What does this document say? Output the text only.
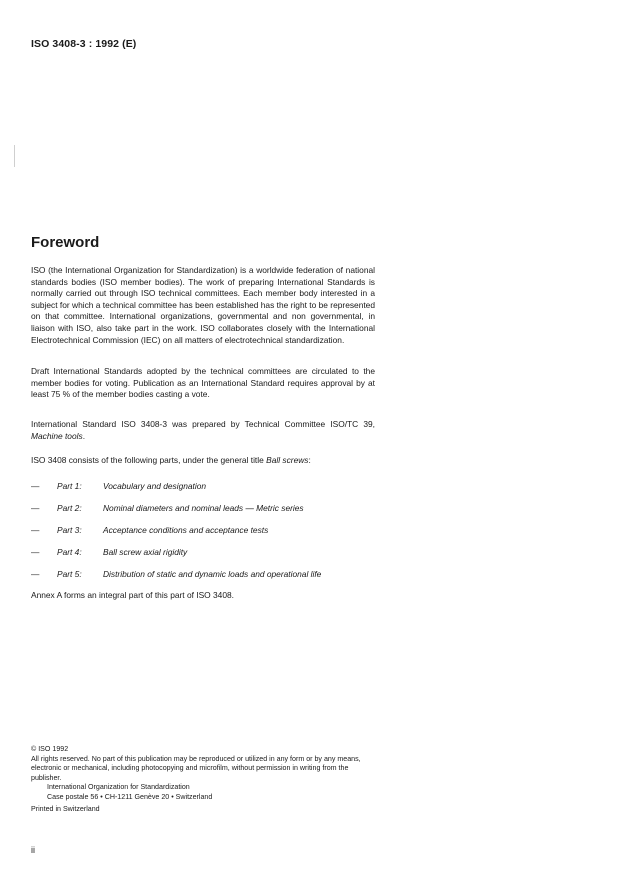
ISO 3408-3 : 1992 (E)
Foreword

ISO (the International Organization for Standardization) is a worldwide federation of national standards bodies (ISO member bodies). The work of preparing International Standards is normally carried out through ISO technical committees. Each member body interested in a subject for which a technical committee has been established has the right to be represented on that committee. International organizations, governmental and non governmental, in liaison with ISO, also take part in the work. ISO collaborates closely with the International Electrotechnical Commission (IEC) on all matters of electrotechnical standardization.

Draft International Standards adopted by the technical committees are circulated to the member bodies for voting. Publication as an International Standard requires approval by at least 75 % of the member bodies casting a vote.

International Standard ISO 3408-3 was prepared by Technical Committee ISO/TC 39, Machine tools.

ISO 3408 consists of the following parts, under the general title Ball screws:

—	Part 1:	Vocabulary and designation
—	Part 2:	Nominal diameters and nominal leads — Metric series
—	Part 3:	Acceptance conditions and acceptance tests
—	Part 4:	Ball screw axial rigidity
—	Part 5:	Distribution of static and dynamic loads and operational life

Annex A forms an integral part of this part of ISO 3408.

© ISO 1992
All rights reserved. No part of this publication may be reproduced or utilized in any form or by any means, electronic or mechanical, including photocopying and microfilm, without permission in writing from the publisher.
International Organization for Standardization
Case postale 56 • CH-1211 Genève 20 • Switzerland
Printed in Switzerland
ii
